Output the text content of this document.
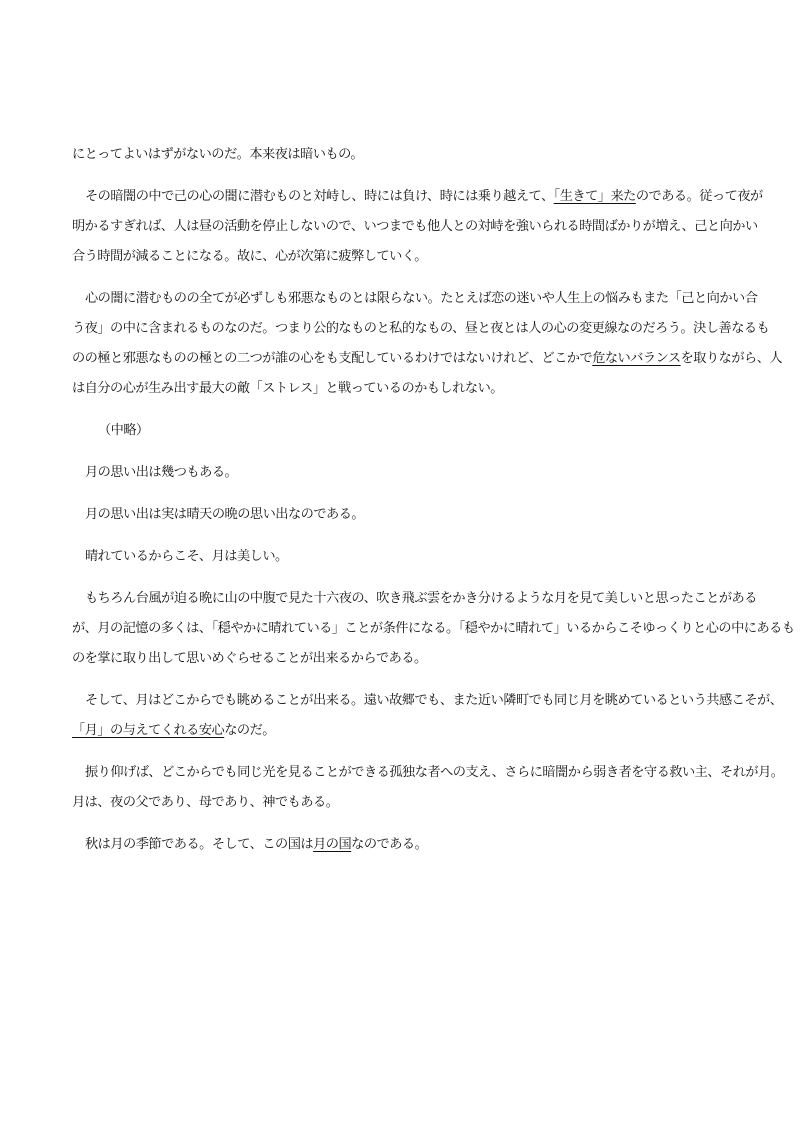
にとってよいはずがないのだ。本来夜は暗いもの。
その暗闇の中で己の心の闇に潜むものと対峙し、時には負け、時には乗り越えて、「生きて」来たのである。従って夜が
明かるすぎれば、人は昼の活動を停止しないので、いつまでも他人との対峙を強いられる時間ばかりが増え、己と向かい
合う時間が減ることになる。故に、心が次第に疲弊していく。
心の闇に潜むものの全てが必ずしも邪悪なものとは限らない。たとえば恋の迷いや人生上の悩みもまた「己と向かい合
う夜」の中に含まれるものなのだ。つまり公的なものと私的なもの、昼と夜とは人の心の変更線なのだろう。決し善なるも
のの極と邪悪なものの極との二つが誰の心をも支配しているわけではないけれど、どこかで危ないバランスを取りながら、人
は自分の心が生み出す最大の敵「ストレス」と戦っているのかもしれない。
（中略）
月の思い出は幾つもある。
月の思い出は実は晴天の晩の思い出なのである。
晴れているからこそ、月は美しい。
もちろん台風が迫る晩に山の中腹で見た十六夜の、吹き飛ぶ雲をかき分けるような月を見て美しいと思ったことがある
が、月の記憶の多くは、「穏やかに晴れている」ことが条件になる。「穏やかに晴れて」いるからこそゆっくりと心の中にあるも
のを掌に取り出して思いめぐらせることが出来るからである。
そして、月はどこからでも眺めることが出来る。遠い故郷でも、また近い隣町でも同じ月を眺めているという共感こそが、
「月」の与えてくれる安心なのだ。
振り仰げば、どこからでも同じ光を見ることができる孤独な者への支え、さらに暗闇から弱き者を守る救い主、それが月。
月は、夜の父であり、母であり、神でもある。
秋は月の季節である。そして、この国は月の国なのである。
